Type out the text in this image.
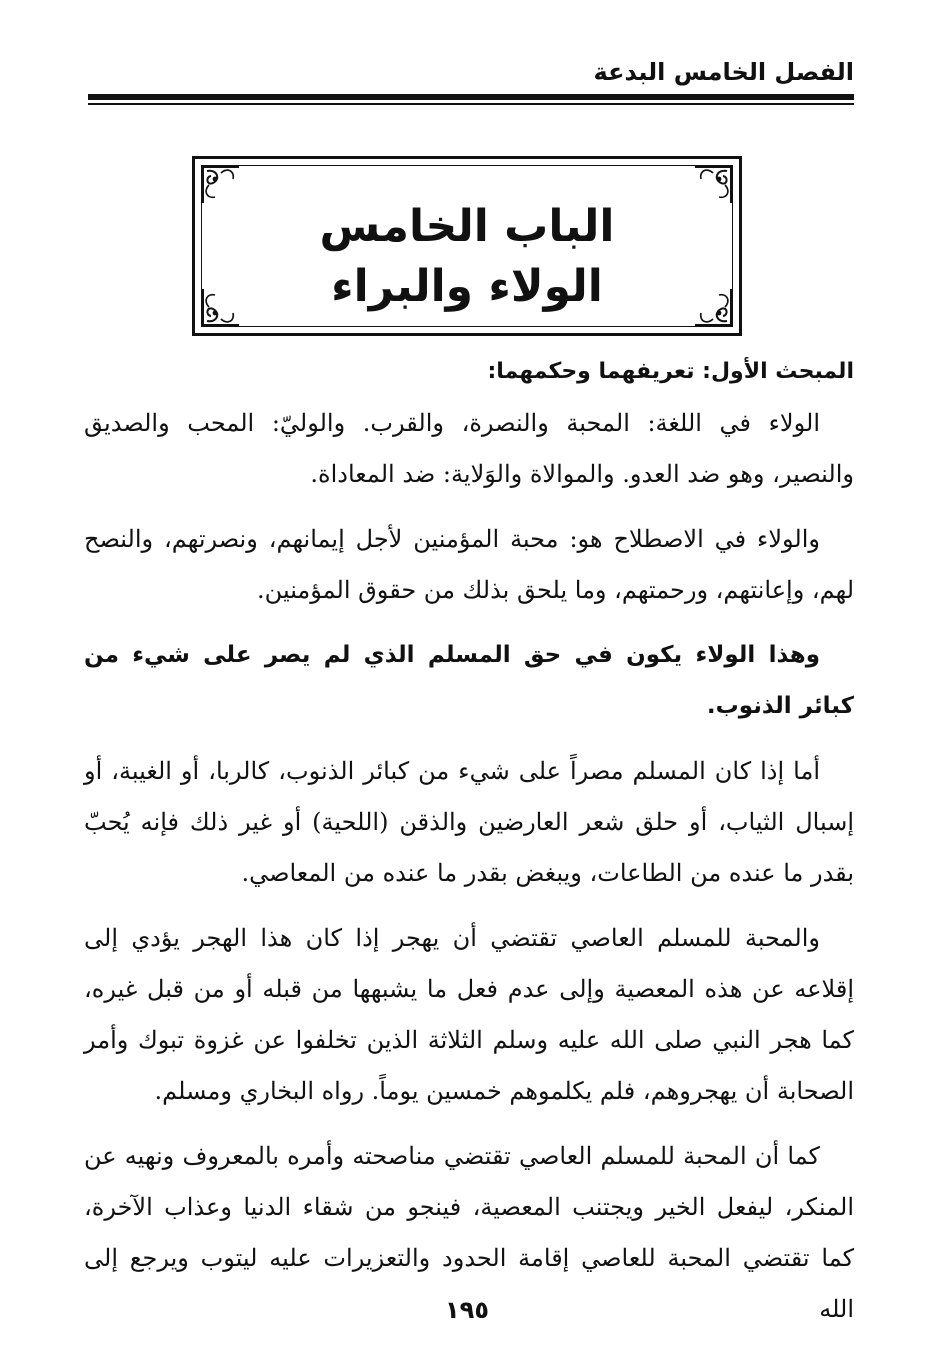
الفصل الخامس البدعة
الباب الخامس
الولاء والبراء
المبحث الأول: تعريفهما وحكمهما:

الولاء في اللغة: المحبة والنصرة، والقرب. والوليّ: المحب والصديق والنصير، وهو ضد العدو. والموالاة والوَلاية: ضد المعاداة.

والولاء في الاصطلاح هو: محبة المؤمنين لأجل إيمانهم، ونصرتهم، والنصح لهم، وإعانتهم، ورحمتهم، وما يلحق بذلك من حقوق المؤمنين.

وهذا الولاء يكون في حق المسلم الذي لم يصر على شيء من كبائر الذنوب.

أما إذا كان المسلم مصراً على شيء من كبائر الذنوب، كالربا، أو الغيبة، أو إسبال الثياب، أو حلق شعر العارضين والذقن (اللحية) أو غير ذلك فإنه يُحبّ بقدر ما عنده من الطاعات، ويبغض بقدر ما عنده من المعاصي.

والمحبة للمسلم العاصي تقتضي أن يهجر إذا كان هذا الهجر يؤدي إلى إقلاعه عن هذه المعصية وإلى عدم فعل ما يشبهها من قبله أو من قبل غيره، كما هجر النبي صلى الله عليه وسلم الثلاثة الذين تخلفوا عن غزوة تبوك وأمر الصحابة أن يهجروهم، فلم يكلموهم خمسين يوماً. رواه البخاري ومسلم.

كما أن المحبة للمسلم العاصي تقتضي مناصحته وأمره بالمعروف ونهيه عن المنكر، ليفعل الخير ويجتنب المعصية، فينجو من شقاء الدنيا وعذاب الآخرة، كما تقتضي المحبة للعاصي إقامة الحدود والتعزيرات عليه ليتوب ويرجع إلى الله

١٩٥
